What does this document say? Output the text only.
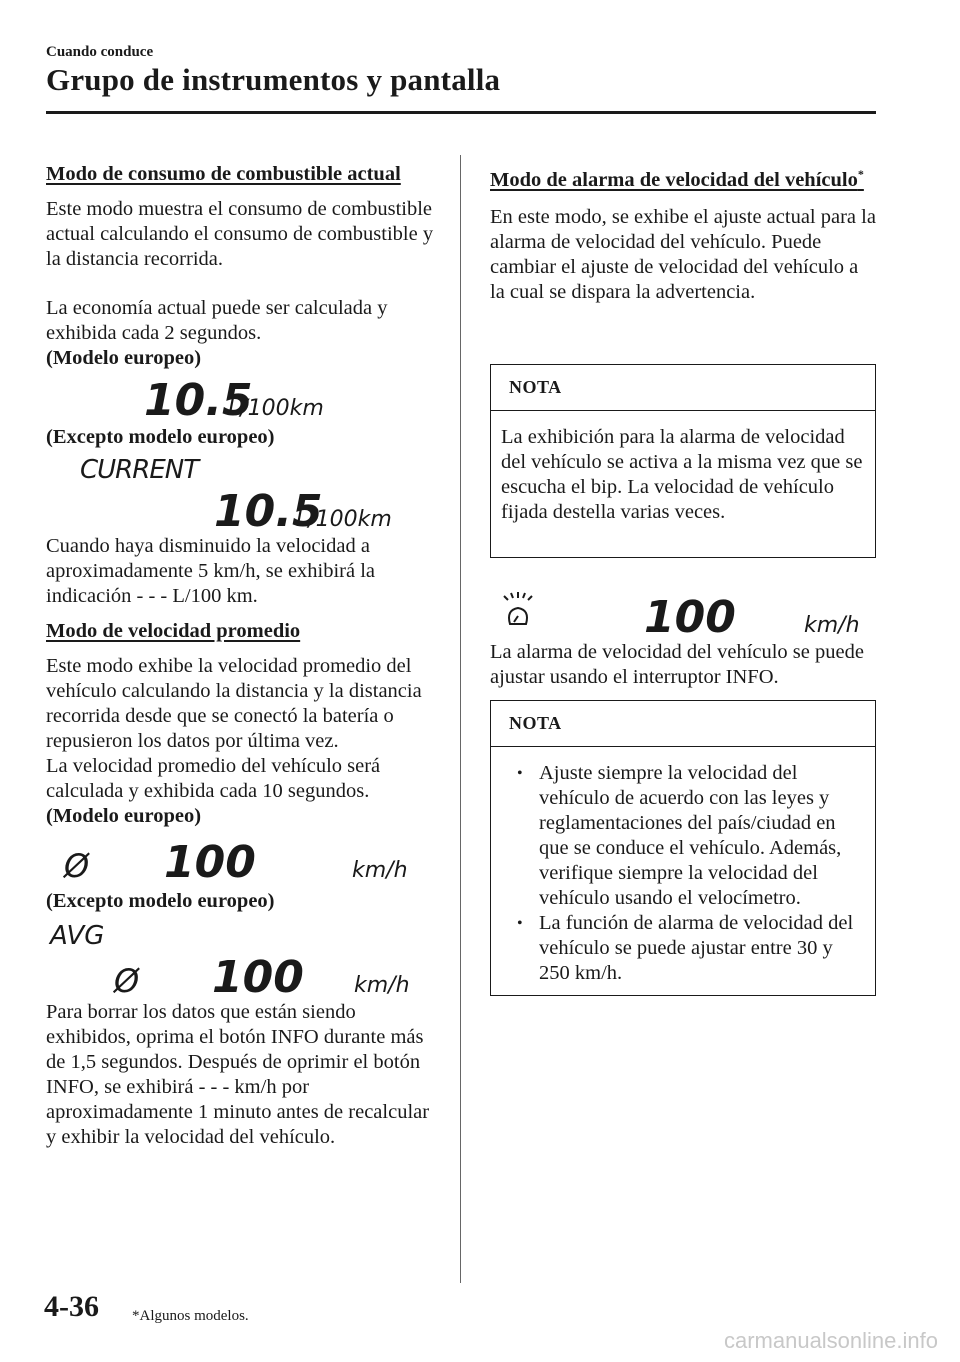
Cuando conduce
Grupo de instrumentos y pantalla

Modo de consumo de combustible actual

Este modo muestra el consumo de combustible actual calculando el consumo de combustible y la distancia recorrida.

La economía actual puede ser calculada y exhibida cada 2 segundos.

(Modelo europeo)

10.5
L/100km

(Excepto modelo europeo)

CURRENT
10.5
L/100km

Cuando haya disminuido la velocidad a aproximadamente 5 km/h, se exhibirá la indicación - - - L/100 km.

Modo de velocidad promedio

Este modo exhibe la velocidad promedio del vehículo calculando la distancia y la distancia recorrida desde que se conectó la batería o repusieron los datos por última vez.

La velocidad promedio del vehículo será calculada y exhibida cada 10 segundos.

(Modelo europeo)

Ø 100	km/h

(Excepto modelo europeo)

AVG
Ø 100 km/h

Para borrar los datos que están siendo exhibidos, oprima el botón INFO durante más de 1,5 segundos. Después de oprimir el botón INFO, se exhibirá - - - km/h por aproximadamente 1 minuto antes de recalcular y exhibir la velocidad del vehículo.

Modo de alarma de velocidad del vehículo*

En este modo, se exhibe el ajuste actual para la alarma de velocidad del vehículo. Puede cambiar el ajuste de velocidad del vehículo a la cual se dispara la advertencia.

NOTA
La exhibición para la alarma de velocidad del vehículo se activa a la misma vez que se escucha el bip. La velocidad de vehículo fijada destella varias veces.
100	km/h

La alarma de velocidad del vehículo se puede ajustar usando el interruptor INFO.

NOTA
• Ajuste siempre la velocidad del vehículo de acuerdo con las leyes y reglamentaciones del país/ciudad en que se conduce el vehículo. Además, verifique siempre la velocidad del vehículo usando el velocímetro.
• La función de alarma de velocidad del vehículo se puede ajustar entre 30 y 250 km/h.
4-36 *Algunos modelos.
carmanualsonline.info
